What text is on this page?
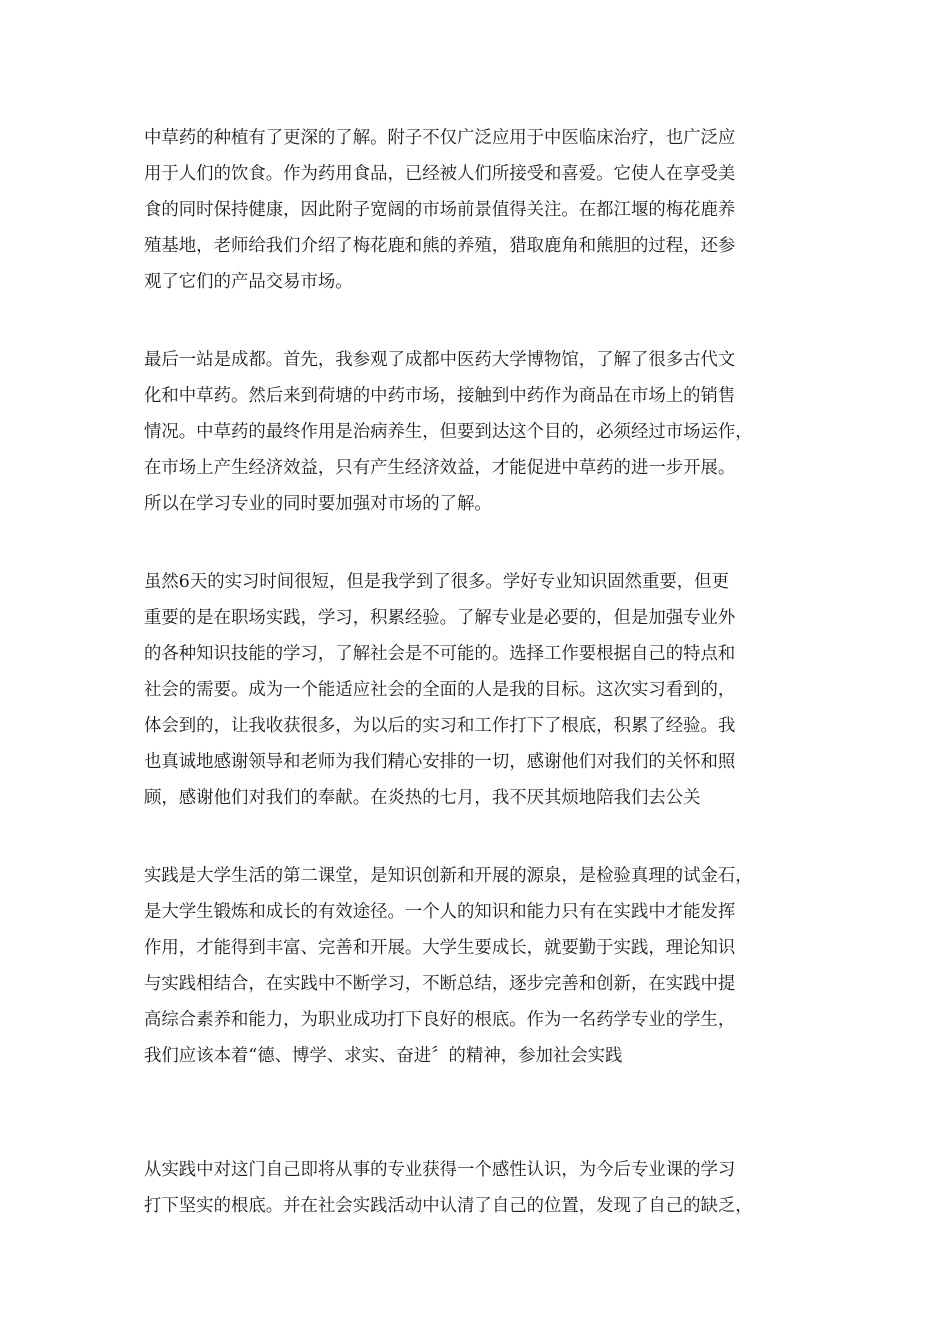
中草药的种植有了更深的了解。附子不仅广泛应用于中医临床治疗，也广泛应
用于人们的饮食。作为药用食品，已经被人们所接受和喜爱。它使人在享受美
食的同时保持健康，因此附子宽阔的市场前景值得关注。在都江堰的梅花鹿养
殖基地，老师给我们介绍了梅花鹿和熊的养殖，猎取鹿角和熊胆的过程，还参
观了它们的产品交易市场。

最后一站是成都。首先，我参观了成都中医药大学博物馆，了解了很多古代文
化和中草药。然后来到荷塘的中药市场，接触到中药作为商品在市场上的销售
情况。中草药的最终作用是治病养生，但要到达这个目的，必须经过市场运作，
在市场上产生经济效益，只有产生经济效益，才能促进中草药的进一步开展。
所以在学习专业的同时要加强对市场的了解。

虽然6天的实习时间很短，但是我学到了很多。学好专业知识固然重要，但更
重要的是在职场实践，学习，积累经验。了解专业是必要的，但是加强专业外
的各种知识技能的学习，了解社会是不可能的。选择工作要根据自己的特点和
社会的需要。成为一个能适应社会的全面的人是我的目标。这次实习看到的，
体会到的，让我收获很多，为以后的实习和工作打下了根底，积累了经验。我
也真诚地感谢领导和老师为我们精心安排的一切，感谢他们对我们的关怀和照
顾，感谢他们对我们的奉献。在炎热的七月，我不厌其烦地陪我们去公关

实践是大学生活的第二课堂，是知识创新和开展的源泉，是检验真理的试金石，
是大学生锻炼和成长的有效途径。一个人的知识和能力只有在实践中才能发挥
作用，才能得到丰富、完善和开展。大学生要成长，就要勤于实践，理论知识
与实践相结合，在实践中不断学习，不断总结，逐步完善和创新，在实践中提
高综合素养和能力，为职业成功打下良好的根底。作为一名药学专业的学生，
我们应该本着“德、博学、求实、奋进〞的精神，参加社会实践

从实践中对这门自己即将从事的专业获得一个感性认识，为今后专业课的学习
打下坚实的根底。并在社会实践活动中认清了自己的位置，发现了自己的缺乏，
